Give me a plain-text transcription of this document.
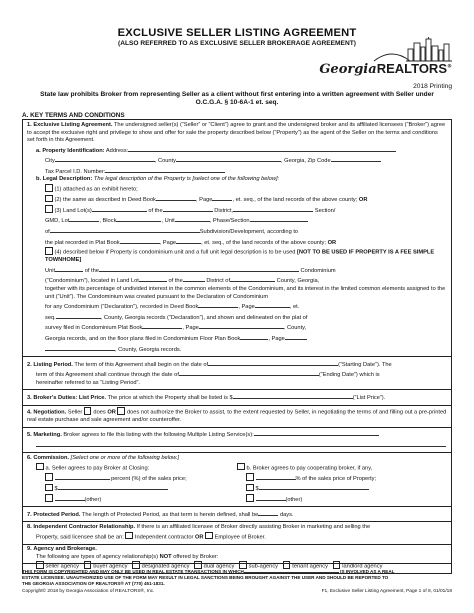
EXCLUSIVE SELLER LISTING AGREEMENT
(ALSO REFERRED TO AS EXCLUSIVE SELLER BROKERAGE AGREEMENT)
GeorgiaREALTORS®
2018 Printing
State law prohibits Broker from representing Seller as a client without first entering into a written agreement with Seller under O.C.G.A. § 10-6A-1 et. seq.
A. KEY TERMS AND CONDITIONS
1. Exclusive Listing Agreement. The undersigned seller(s) (“Seller” or “Client”) agree to grant and the undersigned broker and its affiliated licensees (“Broker”) agree to accept the exclusive right and privilege to show and offer for sale the property described below (“Property”) as the agent of the Seller on the terms and conditions set forth in this Agreement.
a. Property Identification: Address:
City	, County	, Georgia, Zip Code
Tax Parcel I.D. Number:
b. Legal Description: The legal description of the Property is [select one of the following below]:
(1) attached as an exhibit hereto;
(2) the same as described in Deed Book	, Page	, et. seq., of the land records of the above county; OR
(3) Land Lot(s)	of the	District,	Section/
GMD, Lot	, Block	, Unit	, Phase/Section
of	Subdivision/Development, according to
the plat recorded in Plat Book	, Page	, et. seq., of the land records of the above county; OR
(4) described below if Property is condominium unit and a full unit legal description is to be used [NOT TO BE USED IF PROPERTY IS A FEE SIMPLE TOWNHOME]
Unit	of the	Condominium
(“Condominium”), located in Land Lot	of the	District of	County, Georgia,
together with its percentage of undivided interest in the common elements of the Condominium, and its interest in the limited common elements assigned to the unit (“Unit”). The Condominium was created pursuant to the Declaration of Condominium
for any Condominium (“Declaration”), recorded in Deed Book	, Page	, et.
seq.	, County, Georgia records (“Declaration”), and shown and delineated on the plat of
survey filed in Condominium Plat Book	, Page	, County,
Georgia records, and on the floor plans filed in Condominium Floor Plan Book	, Page
, County, Georgia records.
2. Listing Period. The term of this Agreement shall begin on the date of	(“Starting Date”). The
term of this Agreement shall continue through the date of	(“Ending Date”) which is
hereinafter referred to as “Listing Period”.
3. Broker’s Duties: List Price. The price at which the Property shall be listed is $	(“List Price”).
4. Negotiation. Seller does OR does not authorize the Broker to assist, to the extent requested by Seller, in negotiating the terms of and filling out a pre-printed real estate purchase and sale agreement and/or counteroffer.
5. Marketing. Broker agrees to file this listing with the following Multiple Listing Service(s):
6. Commission. [Select one or more of the following below.]
a. Seller agrees to pay Broker at Closing:
percent (%) of the sales price;
$
(other)
b. Broker agrees to pay cooperating broker, if any,
% of the sales price of Property;
$
(other)
7. Protected Period. The length of Protected Period, as that term is herein defined, shall be	days.
8. Independent Contractor Relationship. If there is an affiliated licensee of Broker directly assisting Broker in marketing and selling the
Property, said licensee shall be an: Independent contractor OR Employee of Broker.
9. Agency and Brokerage.
The following are types of agency relationship(s) NOT offered by Broker:
seller agency	buyer agency	designated agency	dual agency	sub-agency	tenant agency	landlord agency
THIS FORM IS COPYRIGHTED AND MAY ONLY BE USED IN REAL ESTATE TRANSACTIONS IN WHICH	IS INVOLVED AS A REAL
ESTATE LICENSEE. UNAUTHORIZED USE OF THE FORM MAY RESULT IN LEGAL SANCTIONS BEING BROUGHT AGAINST THE USER AND SHOULD BE REPORTED TO
THE GEORGIA ASSOCIATION OF REALTORS® AT (770) 451-1831.
Copyright© 2018 by Georgia Association of REALTORS®, Inc.	F1, Exclusive Seller Listing Agreement, Page 1 of 8, 01/01/18
